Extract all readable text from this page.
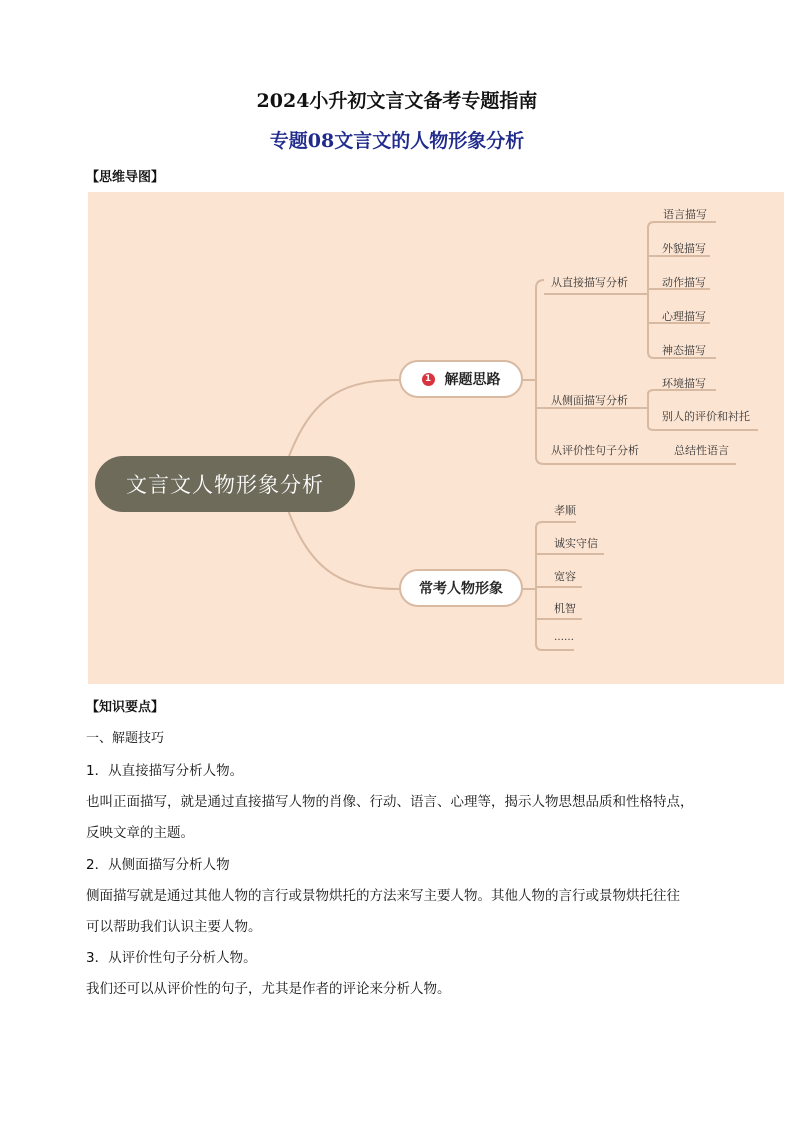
2024小升初文言文备考专题指南
专题08文言文的人物形象分析
【思维导图】
文言文人物形象分析
1 解题思路
常考人物形象
从直接描写分析
从侧面描写分析
从评价性句子分析
语言描写
外貌描写
动作描写
心理描写
神态描写
环境描写
别人的评价和衬托
总结性语言
孝顺
诚实守信
宽容
机智
……
【知识要点】
一、解题技巧
1．从直接描写分析人物。
也叫正面描写，就是通过直接描写人物的肖像、行动、语言、心理等，揭示人物思想品质和性格特点，
反映文章的主题。
2．从侧面描写分析人物
侧面描写就是通过其他人物的言行或景物烘托的方法来写主要人物。其他人物的言行或景物烘托往往
可以帮助我们认识主要人物。
3．从评价性句子分析人物。
我们还可以从评价性的句子，尤其是作者的评论来分析人物。
